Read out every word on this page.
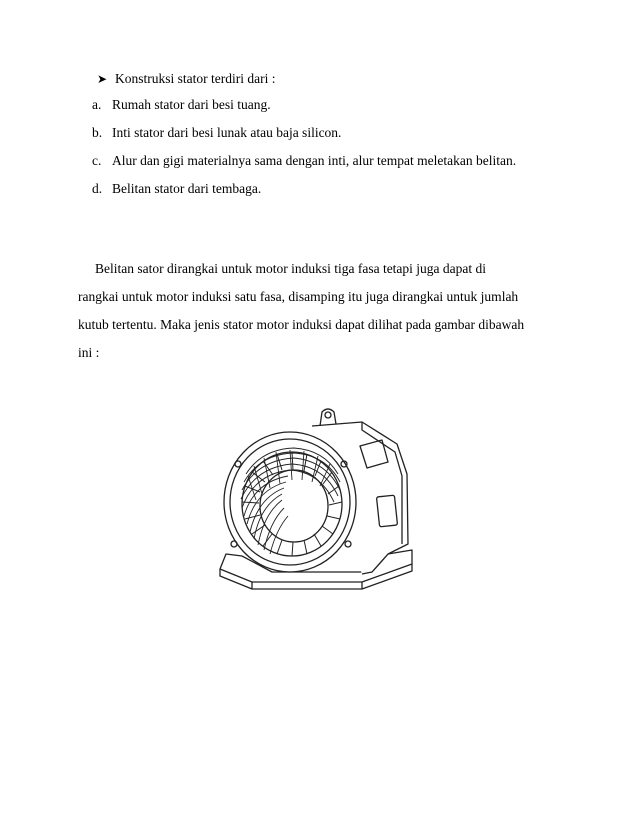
➤ Konstruksi stator terdiri dari :
a. Rumah stator dari besi tuang.
b. Inti stator dari besi lunak atau baja silicon.
c. Alur dan gigi materialnya sama dengan inti, alur tempat meletakan belitan.
d. Belitan stator dari tembaga.
Belitan sator dirangkai untuk motor induksi tiga fasa tetapi juga dapat di
rangkai untuk motor induksi satu fasa, disamping itu juga dirangkai untuk jumlah
kutub tertentu. Maka jenis stator motor induksi dapat dilihat pada gambar dibawah
ini :
